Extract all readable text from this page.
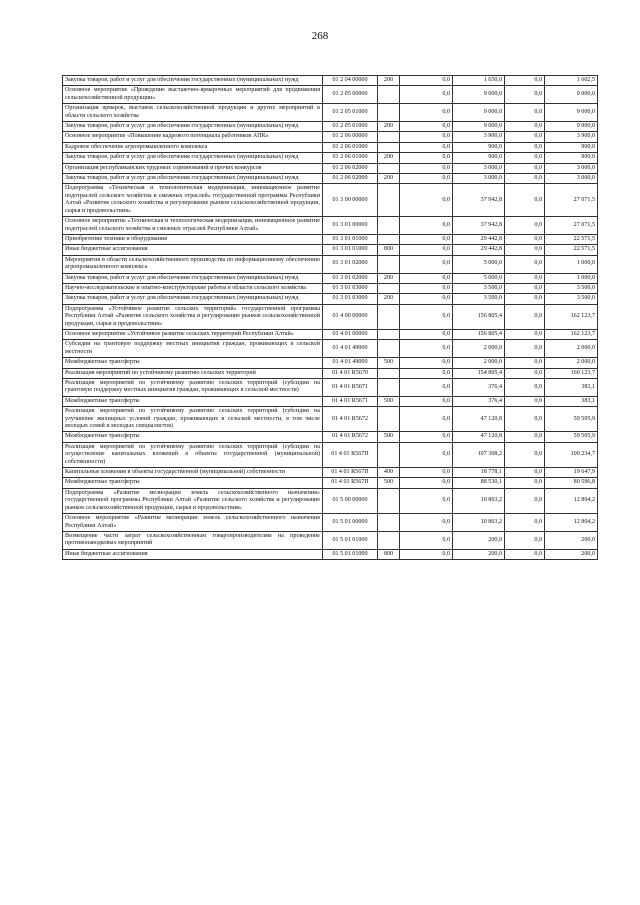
268
Закупка товаров, работ и услуг для обеспечения государственных (муниципальных) нужд	01 2 04 00000	200	0,0	1 650,0	0,0	1 602,5
Основное мероприятие «Проведение выставочно-ярмарочных мероприятий для продвижения сельскохозяйственной продукции»	01 2 05 00000		0,0	9 000,0	0,0	9 000,0
Организация ярмарок, выставок сельскохозяйственной продукции и других мероприятий в области сельского хозяйства	01 2 05 01000		0,0	9 000,0	0,0	9 000,0
Закупка товаров, работ и услуг для обеспечения государственных (муниципальных) нужд	01 2 05 01000	200	0,0	9 000,0	0,0	9 000,0
Основное мероприятие «Повышение кадрового потенциала работников АПК»	01 2 06 00000		0,0	3 900,0	0,0	3 900,0
Кадровое обеспечение агропромышленного комплекса	01 2 06 01000		0,0	900,0	0,0	900,0
Закупка товаров, работ и услуг для обеспечения государственных (муниципальных) нужд	01 2 06 01000	200	0,0	900,0	0,0	900,0
Организация республиканских трудовых соревнований и прочих конкурсов	01 2 06 02000		0,0	3 000,0	0,0	3 000,0
Закупка товаров, работ и услуг для обеспечения государственных (муниципальных) нужд	01 2 06 02000	200	0,0	3 000,0	0,0	3 000,0
Подпрограмма «Техническая и технологическая модернизация, инновационное развитие подотраслей сельского хозяйства и смежных отраслей» государственной программы Республики Алтай «Развитие сельского хозяйства и регулирование рынков сельскохозяйственной продукции, сырья и продовольствия»	01 3 00 00000		0,0	37 942,8	0,0	27 071,5
Основное мероприятие «Техническая и технологическая модернизация, инновационное развитие подотраслей сельского хозяйства и смежных отраслей Республики Алтай»	01 3 01 00000		0,0	37 942,8	0,0	27 071,5
Приобретение техники и оборудования	01 3 01 01000		0,0	29 442,8	0,0	22 571,5
Иные бюджетные ассигнования	01 3 01 01000	800	0,0	29 442,8	0,0	22 571,5
Мероприятия в области сельскохозяйственного производства по информационному обеспечению агропромышленного комплекса	01 3 01 02000		0,0	5 000,0	0,0	1 000,0
Закупка товаров, работ и услуг для обеспечения государственных (муниципальных) нужд	01 3 01 02000	200	0,0	5 000,0	0,0	1 000,0
Научно-исследовательские и опытно-конструкторские работы в области сельского хозяйства	01 3 01 03000		0,0	3 500,0	0,0	3 500,0
Закупка товаров, работ и услуг для обеспечения государственных (муниципальных) нужд	01 3 01 03000	200	0,0	3 500,0	0,0	3 500,0
Подпрограмма «Устойчивое развитие сельских территорий» государственной программы Республики Алтай «Развитие сельского хозяйства и регулирование рынков сельскохозяйственной продукции, сырья и продовольствия»	01 4 00 00000		0,0	156 805,4	0,0	162 123,7
Основное мероприятие «Устойчивое развитие сельских территорий Республики Алтай»	01 4 01 00000		0,0	156 805,4	0,0	162 123,7
Субсидии на грантовую поддержку местных инициатив граждан, проживающих в сельской местности	01 4 01 49000		0,0	2 000,0	0,0	2 000,0
Межбюджетные трансферты	01 4 01 49000	500	0,0	2 000,0	0,0	2 000,0
Реализация мероприятий по устойчивому развитию сельских территорий	01 4 01 R5670		0,0	154 805,4	0,0	160 123,7
Реализация мероприятий по устойчивому развитию сельских территорий (субсидии на грантовую поддержку местных инициатив граждан, проживающих в сельской местности)	01 4 01 R5671		0,0	376,4	0,0	383,1
Межбюджетные трансферты	01 4 01 R5671	500	0,0	376,4	0,0	383,1
Реализация мероприятий по устойчивому развитию сельских территорий (субсидии на улучшение жилищных условий граждан, проживающих в сельской местности, в том числе молодых семей и молодых специалистов)	01 4 01 R5672		0,0	47 120,8	0,0	59 505,9
Межбюджетные трансферты	01 4 01 R5672	500	0,0	47 120,8	0,0	59 505,9
Реализация мероприятий по устойчивому развитию сельских территорий (субсидии на осуществление капитальных вложений в объекты государственной (муниципальной) собственности)	01 4 01 R567П		0,0	107 308,2	0,0	100 234,7
Капитальные вложения в объекты государственной (муниципальной) собственности	01 4 01 R567П	400	0,0	18 778,1	0,0	19 647,9
Межбюджетные трансферты	01 4 01 R567П	500	0,0	88 530,1	0,0	80 586,8
Подпрограмма «Развитие мелиорации земель сельскохозяйственного назначения» государственной программы Республики Алтай «Развитие сельского хозяйства и регулирование рынков сельскохозяйственной продукции, сырья и продовольствия»	01 5 00 00000		0,0	10 863,2	0,0	12 804,2
Основное мероприятие «Развитие мелиорации земель сельскохозяйственного назначения Республики Алтай»	01 5 01 00000		0,0	10 863,2	0,0	12 804,2
Возмещение части затрат сельскохозяйственным товаропроизводителям на проведение противопаводковых мероприятий	01 5 01 01000		0,0	200,0	0,0	200,0
Иные бюджетные ассигнования	01 5 01 01000	800	0,0	200,0	0,0	200,0
